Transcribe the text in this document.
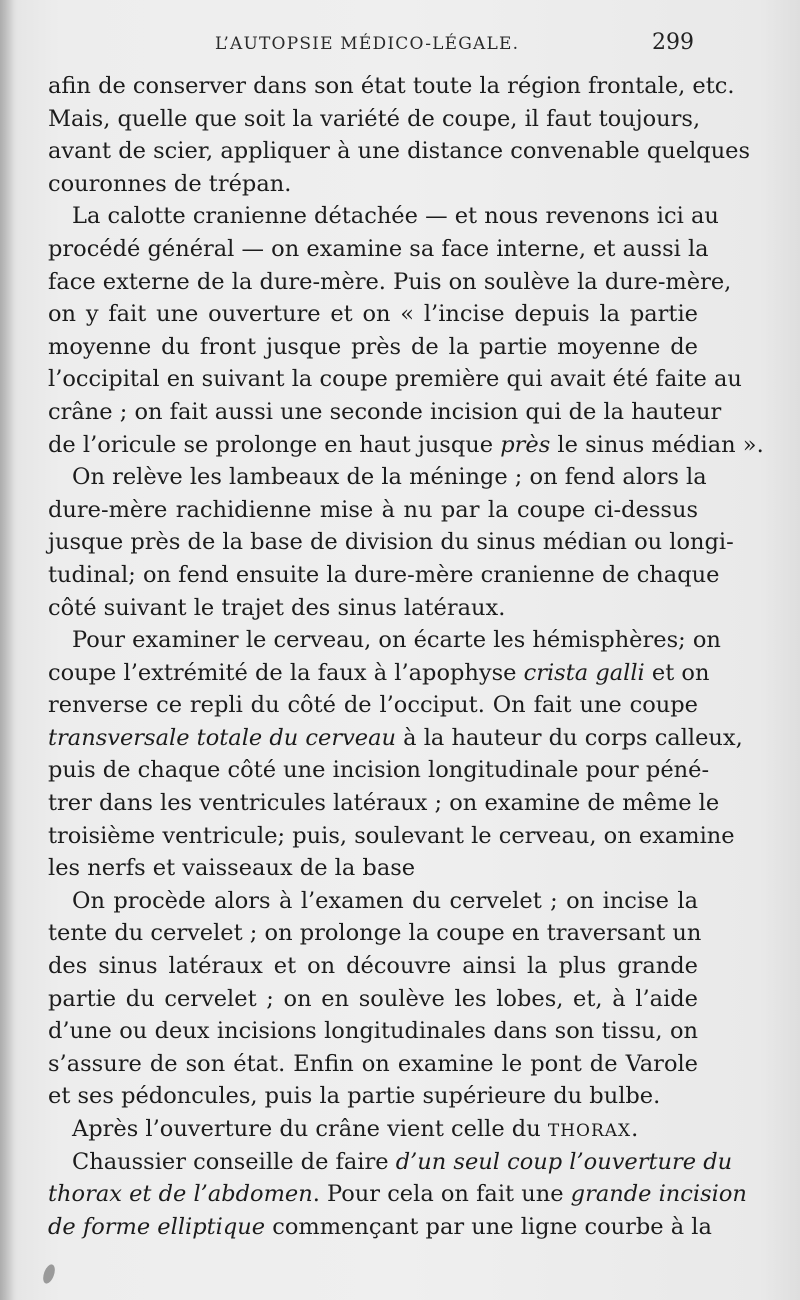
L’AUTOPSIE MÉDICO-LÉGALE.	299
afin de conserver dans son état toute la région frontale, etc.
Mais, quelle que soit la variété de coupe, il faut toujours,
avant de scier, appliquer à une distance convenable quelques
couronnes de trépan.
La calotte cranienne détachée — et nous revenons ici au
procédé général — on examine sa face interne, et aussi la
face externe de la dure-mère. Puis on soulève la dure-mère,
on y fait une ouverture et on « l’incise depuis la partie
moyenne du front jusque près de la partie moyenne de
l’occipital en suivant la coupe première qui avait été faite au
crâne ; on fait aussi une seconde incision qui de la hauteur
de l’oricule se prolonge en haut jusque près le sinus médian ».
On relève les lambeaux de la méninge ; on fend alors la
dure-mère rachidienne mise à nu par la coupe ci-dessus
jusque près de la base de division du sinus médian ou longi-
tudinal; on fend ensuite la dure-mère cranienne de chaque
côté suivant le trajet des sinus latéraux.
Pour examiner le cerveau, on écarte les hémisphères; on
coupe l’extrémité de la faux à l’apophyse crista galli et on
renverse ce repli du côté de l’occiput. On fait une coupe
transversale totale du cerveau à la hauteur du corps calleux,
puis de chaque côté une incision longitudinale pour péné-
trer dans les ventricules latéraux ; on examine de même le
troisième ventricule; puis, soulevant le cerveau, on examine
les nerfs et vaisseaux de la base
On procède alors à l’examen du cervelet ; on incise la
tente du cervelet ; on prolonge la coupe en traversant un
des sinus latéraux et on découvre ainsi la plus grande
partie du cervelet ; on en soulève les lobes, et, à l’aide
d’une ou deux incisions longitudinales dans son tissu, on
s’assure de son état. Enfin on examine le pont de Varole
et ses pédoncules, puis la partie supérieure du bulbe.
Après l’ouverture du crâne vient celle du THORAX.
Chaussier conseille de faire d’un seul coup l’ouverture du
thorax et de l’abdomen. Pour cela on fait une grande incision
de forme elliptique commençant par une ligne courbe à la
